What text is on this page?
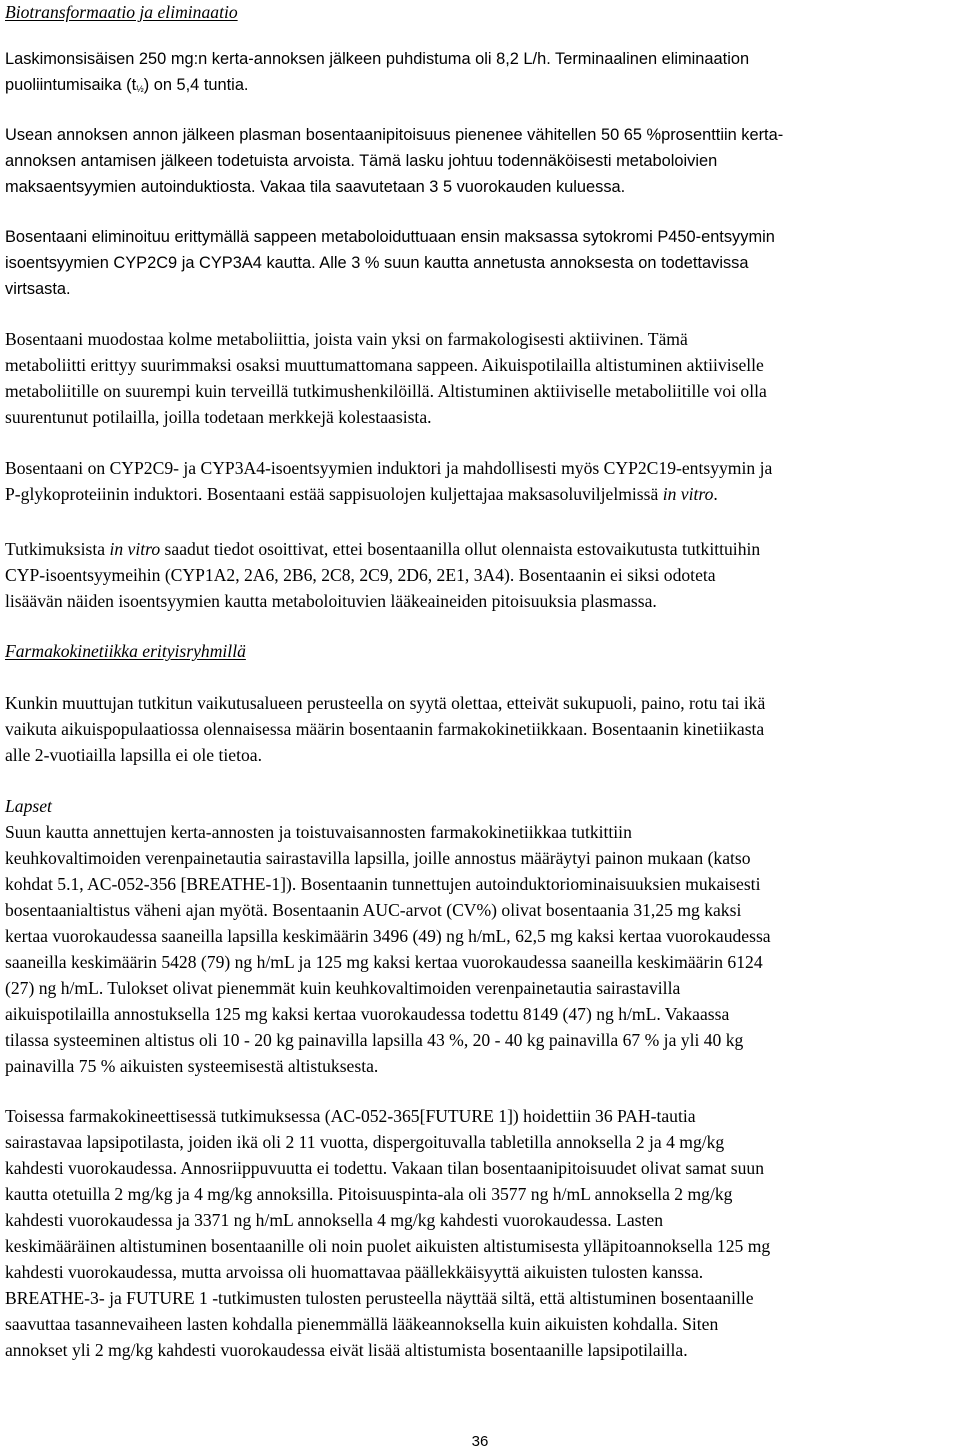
Biotransformaatio ja eliminaatio
Laskimonsisäisen 250 mg:n kerta-annoksen jälkeen puhdistuma oli 8,2 L/h. Terminaalinen eliminaation
puoliintumisaika $(t_{\frac{1}{2}})$ on 5,4 tuntia.
Usean annoksen annon jälkeen plasman bosentaanipitoisuus pienenee vähitellen 50 65 %prosenttiin kerta-
annoksen antamisen jälkeen todetuista arvoista. Tämä lasku johtuu todennäköisesti metaboloivien
maksaentsyymien autoinduktiosta. Vakaa tila saavutetaan 3 5 vuorokauden kuluessa.
Bosentaani eliminoituu erittymällä sappeen metaboloiduttuaan ensin maksassa sytokromi P450-entsyymin
isoentsyymien CYP2C9 ja CYP3A4 kautta. Alle 3 % suun kautta annetusta annoksesta on todettavissa
virtsasta.
Bosentaani muodostaa kolme metaboliittia, joista vain yksi on farmakologisesti aktiivinen. Tämä
metaboliitti erittyy suurimmaksi osaksi muuttumattomana sappeen. Aikuispotilailla altistuminen aktiiviselle
metaboliitille on suurempi kuin terveillä tutkimushenkilöillä. Altistuminen aktiiviselle metaboliitille voi olla
suurentunut potilailla, joilla todetaan merkkejä kolestaasista.
Bosentaani on CYP2C9- ja CYP3A4-isoentsyymien induktori ja mahdollisesti myös CYP2C19-entsyymin ja
P-glykoproteiinin induktori. Bosentaani estää sappisuolojen kuljettajaa maksasoluviljelmissä in vitro.
Tutkimuksista in vitro saadut tiedot osoittivat, ettei bosentaanilla ollut olennaista estovaikutusta tutkittuihin
CYP-isoentsyymeihin (CYP1A2, 2A6, 2B6, 2C8, 2C9, 2D6, 2E1, 3A4). Bosentaanin ei siksi odoteta
lisäävän näiden isoentsyymien kautta metaboloituvien lääkeaineiden pitoisuuksia plasmassa.
Farmakokinetiikka erityisryhmillä
Kunkin muuttujan tutkitun vaikutusalueen perusteella on syytä olettaa, etteivät sukupuoli, paino, rotu tai ikä
vaikuta aikuispopulaatiossa olennaisessa määrin bosentaanin farmakokinetiikkaan. Bosentaanin kinetiikasta
alle 2-vuotiailla lapsilla ei ole tietoa.
Lapset
Suun kautta annettujen kerta-annosten ja toistuvaisannosten farmakokinetiikkaa tutkittiin
keuhkovaltimoiden verenpainetautia sairastavilla lapsilla, joille annostus määräytyi painon mukaan (katso
kohdat 5.1, AC-052-356 [BREATHE-1]). Bosentaanin tunnettujen autoinduktoriominaisuuksien mukaisesti
bosentaanialtistus väheni ajan myötä. Bosentaanin AUC-arvot (CV%) olivat bosentaania 31,25 mg kaksi
kertaa vuorokaudessa saaneilla lapsilla keskimäärin 3496 (49) ng h/mL, 62,5 mg kaksi kertaa vuorokaudessa
saaneilla keskimäärin 5428 (79) ng h/mL ja 125 mg kaksi kertaa vuorokaudessa saaneilla keskimäärin 6124
(27) ng h/mL. Tulokset olivat pienemmät kuin keuhkovaltimoiden verenpainetautia sairastavilla
aikuispotilailla annostuksella 125 mg kaksi kertaa vuorokaudessa todettu 8149 (47) ng h/mL. Vakaassa
tilassa systeeminen altistus oli 10 - 20 kg painavilla lapsilla 43 %, 20 - 40 kg painavilla 67 % ja yli 40 kg
painavilla 75 % aikuisten systeemisestä altistuksesta.
Toisessa farmakokineettisessä tutkimuksessa (AC-052-365[FUTURE 1]) hoidettiin 36 PAH-tautia
sairastavaa lapsipotilasta, joiden ikä oli 2 11 vuotta, dispergoituvalla tabletilla annoksella 2 ja 4 mg/kg
kahdesti vuorokaudessa. Annosriippuvuutta ei todettu. Vakaan tilan bosentaanipitoisuudet olivat samat suun
kautta otetuilla 2 mg/kg ja 4 mg/kg annoksilla. Pitoisuuspinta-ala oli 3577 ng h/mL annoksella 2 mg/kg
kahdesti vuorokaudessa ja 3371 ng h/mL annoksella 4 mg/kg kahdesti vuorokaudessa. Lasten
keskimääräinen altistuminen bosentaanille oli noin puolet aikuisten altistumisesta ylläpitoannoksella 125 mg
kahdesti vuorokaudessa, mutta arvoissa oli huomattavaa päällekkäisyyttä aikuisten tulosten kanssa.
BREATHE-3- ja FUTURE 1 -tutkimusten tulosten perusteella näyttää siltä, että altistuminen bosentaanille
saavuttaa tasannevaiheen lasten kohdalla pienemmällä lääkeannoksella kuin aikuisten kohdalla. Siten
annokset yli 2 mg/kg kahdesti vuorokaudessa eivät lisää altistumista bosentaanille lapsipotilailla.
36
